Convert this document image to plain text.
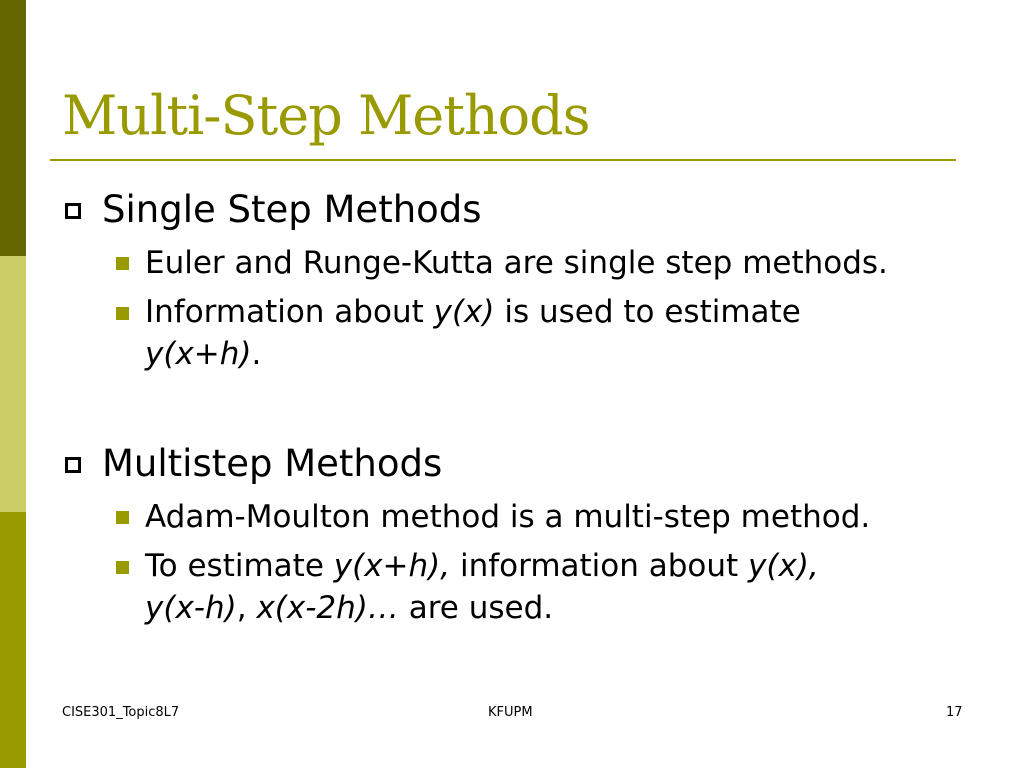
Multi-Step Methods
Single Step Methods
Euler and Runge-Kutta are single step methods.
Information about y(x) is used to estimate
y(x+h).
Multistep Methods
Adam-Moulton method is a multi-step method.
To estimate y(x+h), information about y(x),
y(x-h), x(x-2h)… are used.
CISE301_Topic8L7	KFUPM	17
